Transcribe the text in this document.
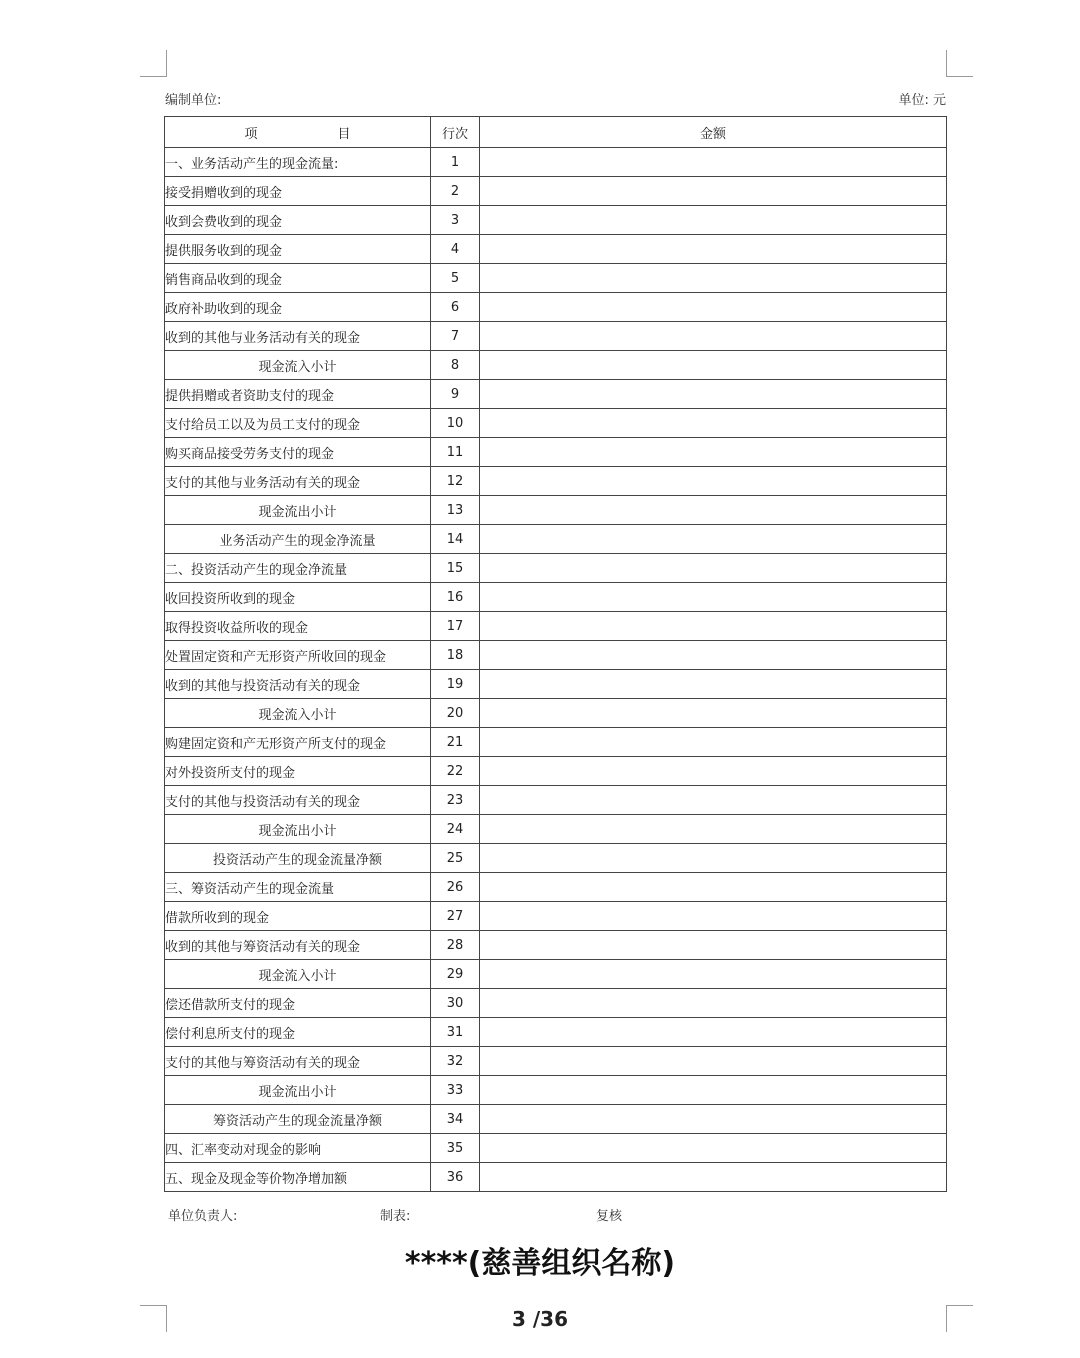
编制单位:	单位: 元
项 目	行次	金额
一、业务活动产生的现金流量:	1	
接受捐赠收到的现金	2	
收到会费收到的现金	3	
提供服务收到的现金	4	
销售商品收到的现金	5	
政府补助收到的现金	6	
收到的其他与业务活动有关的现金	7	
现金流入小计	8	
提供捐赠或者资助支付的现金	9	
支付给员工以及为员工支付的现金	10	
购买商品接受劳务支付的现金	11	
支付的其他与业务活动有关的现金	12	
现金流出小计	13	
业务活动产生的现金净流量	14	
二、投资活动产生的现金净流量	15	
收回投资所收到的现金	16	
取得投资收益所收的现金	17	
处置固定资和产无形资产所收回的现金	18	
收到的其他与投资活动有关的现金	19	
现金流入小计	20	
购建固定资和产无形资产所支付的现金	21	
对外投资所支付的现金	22	
支付的其他与投资活动有关的现金	23	
现金流出小计	24	
投资活动产生的现金流量净额	25	
三、筹资活动产生的现金流量	26	
借款所收到的现金	27	
收到的其他与筹资活动有关的现金	28	
现金流入小计	29	
偿还借款所支付的现金	30	
偿付利息所支付的现金	31	
支付的其他与筹资活动有关的现金	32	
现金流出小计	33	
筹资活动产生的现金流量净额	34	
四、汇率变动对现金的影响	35	
五、现金及现金等价物净增加额	36	
单位负责人:	制表:	复核
****(慈善组织名称)
3 /36
